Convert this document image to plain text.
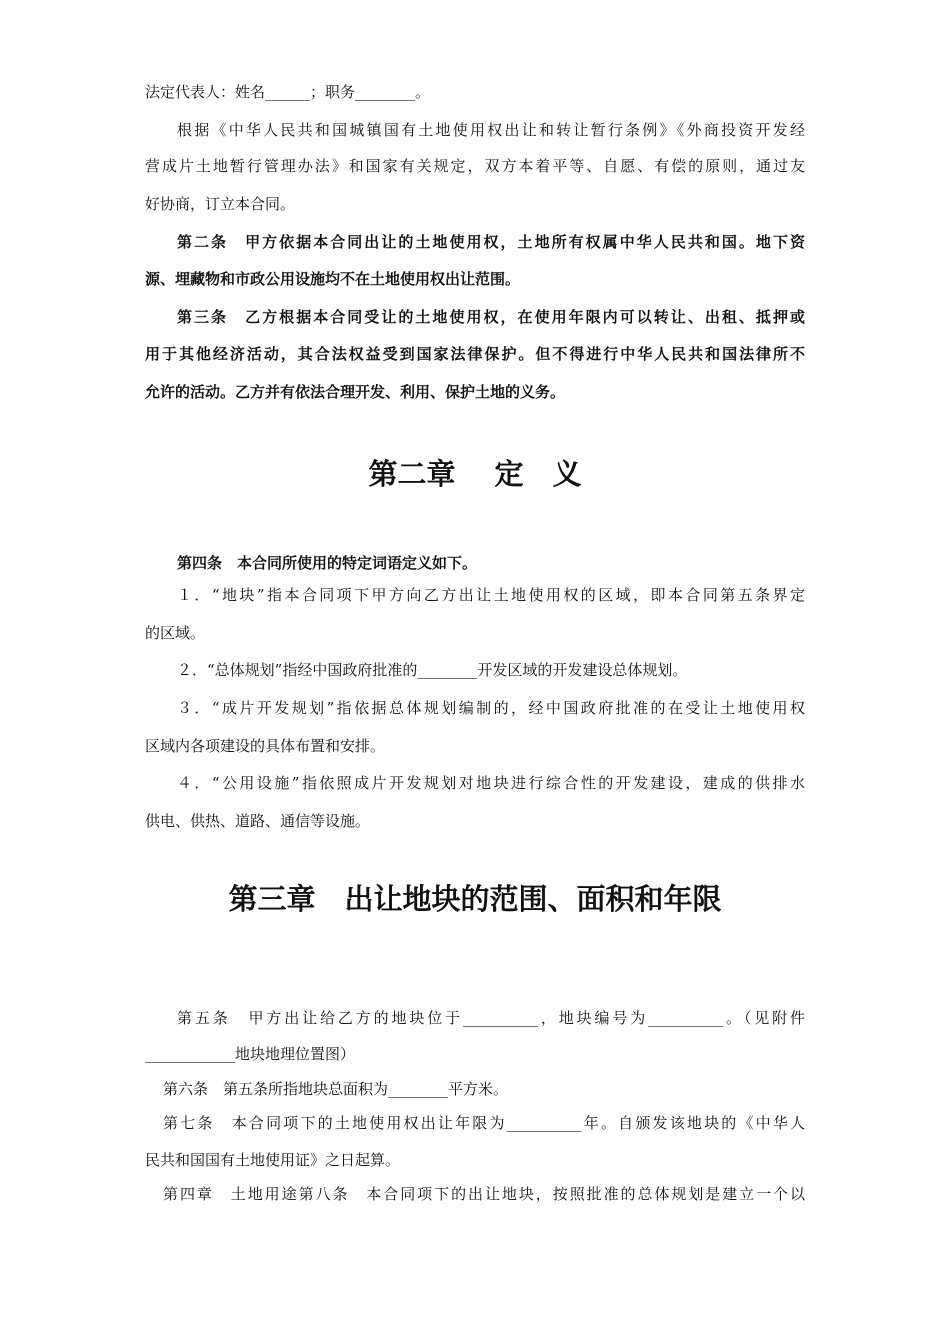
法定代表人：姓名______；职务________。
根据《中华人民共和国城镇国有土地使用权出让和转让暂行条例》《外商投资开发经
营成片土地暂行管理办法》和国家有关规定，双方本着平等、自愿、有偿的原则，通过友
好协商，订立本合同。
第二条　甲方依据本合同出让的土地使用权，土地所有权属中华人民共和国。地下资
源、埋藏物和市政公用设施均不在土地使用权出让范围。
第三条　乙方根据本合同受让的土地使用权，在使用年限内可以转让、出租、抵押或
用于其他经济活动，其合法权益受到国家法律保护。但不得进行中华人民共和国法律所不
允许的活动。乙方并有依法合理开发、利用、保护土地的义务。
第二章　 定　义
第四条　本合同所使用的特定词语定义如下。
１．“地块”指本合同项下甲方向乙方出让土地使用权的区域，即本合同第五条界定
的区域。
２．“总体规划”指经中国政府批准的________开发区域的开发建设总体规划。
３．“成片开发规划”指依据总体规划编制的，经中国政府批准的在受让土地使用权
区域内各项建设的具体布置和安排。
４．“公用设施”指依照成片开发规划对地块进行综合性的开发建设，建成的供排水
供电、供热、道路、通信等设施。
第三章　出让地块的范围、面积和年限
第五条　甲方出让给乙方的地块位于__________，地块编号为__________。（见附件
____________地块地理位置图）
第六条　第五条所指地块总面积为________平方米。
第七条　本合同项下的土地使用权出让年限为__________年。自颁发该地块的《中华人
民共和国国有土地使用证》之日起算。
第四章　土地用途第八条　本合同项下的出让地块，按照批准的总体规划是建立一个以
